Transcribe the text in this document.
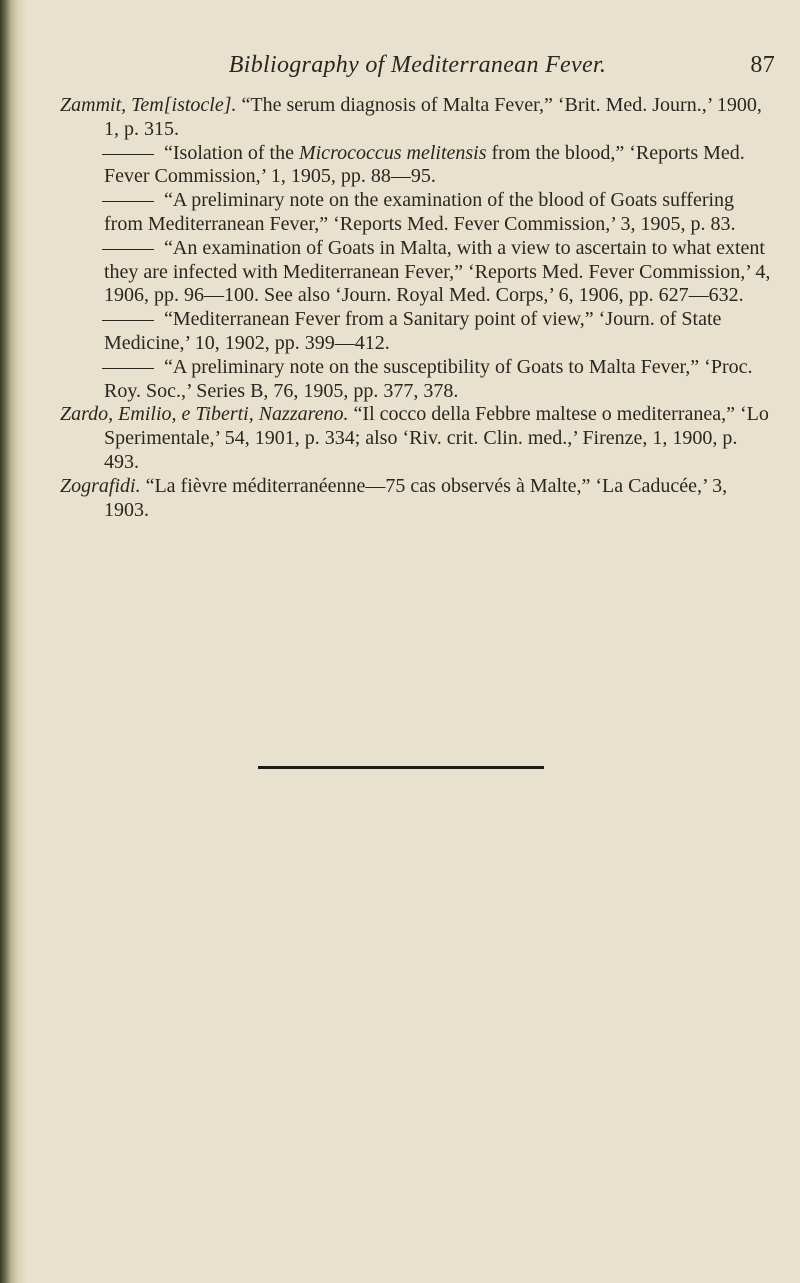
Bibliography of Mediterranean Fever.	87

Zammit, Tem[istocle]. “The serum diagnosis of Malta Fever,” ‘Brit. Med. Journ.,’ 1900, 1, p. 315.

“Isolation of the Micrococcus melitensis from the blood,” ‘Reports Med. Fever Commission,’ 1, 1905, pp. 88—95.

“A preliminary note on the examination of the blood of Goats suffering from Mediterranean Fever,” ‘Reports Med. Fever Commission,’ 3, 1905, p. 83.

“An examination of Goats in Malta, with a view to ascertain to what extent they are infected with Mediterranean Fever,” ‘Reports Med. Fever Commission,’ 4, 1906, pp. 96—100. See also ‘Journ. Royal Med. Corps,’ 6, 1906, pp. 627—632.

“Mediterranean Fever from a Sanitary point of view,” ‘Journ. of State Medicine,’ 10, 1902, pp. 399—412.

“A preliminary note on the susceptibility of Goats to Malta Fever,” ‘Proc. Roy. Soc.,’ Series B, 76, 1905, pp. 377, 378.

Zardo, Emilio, e Tiberti, Nazzareno. “Il cocco della Febbre maltese o mediterranea,” ‘Lo Sperimentale,’ 54, 1901, p. 334; also ‘Riv. crit. Clin. med.,’ Firenze, 1, 1900, p. 493.

Zografidi. “La fièvre méditerranéenne—75 cas observés à Malte,” ‘La Caducée,’ 3, 1903.
